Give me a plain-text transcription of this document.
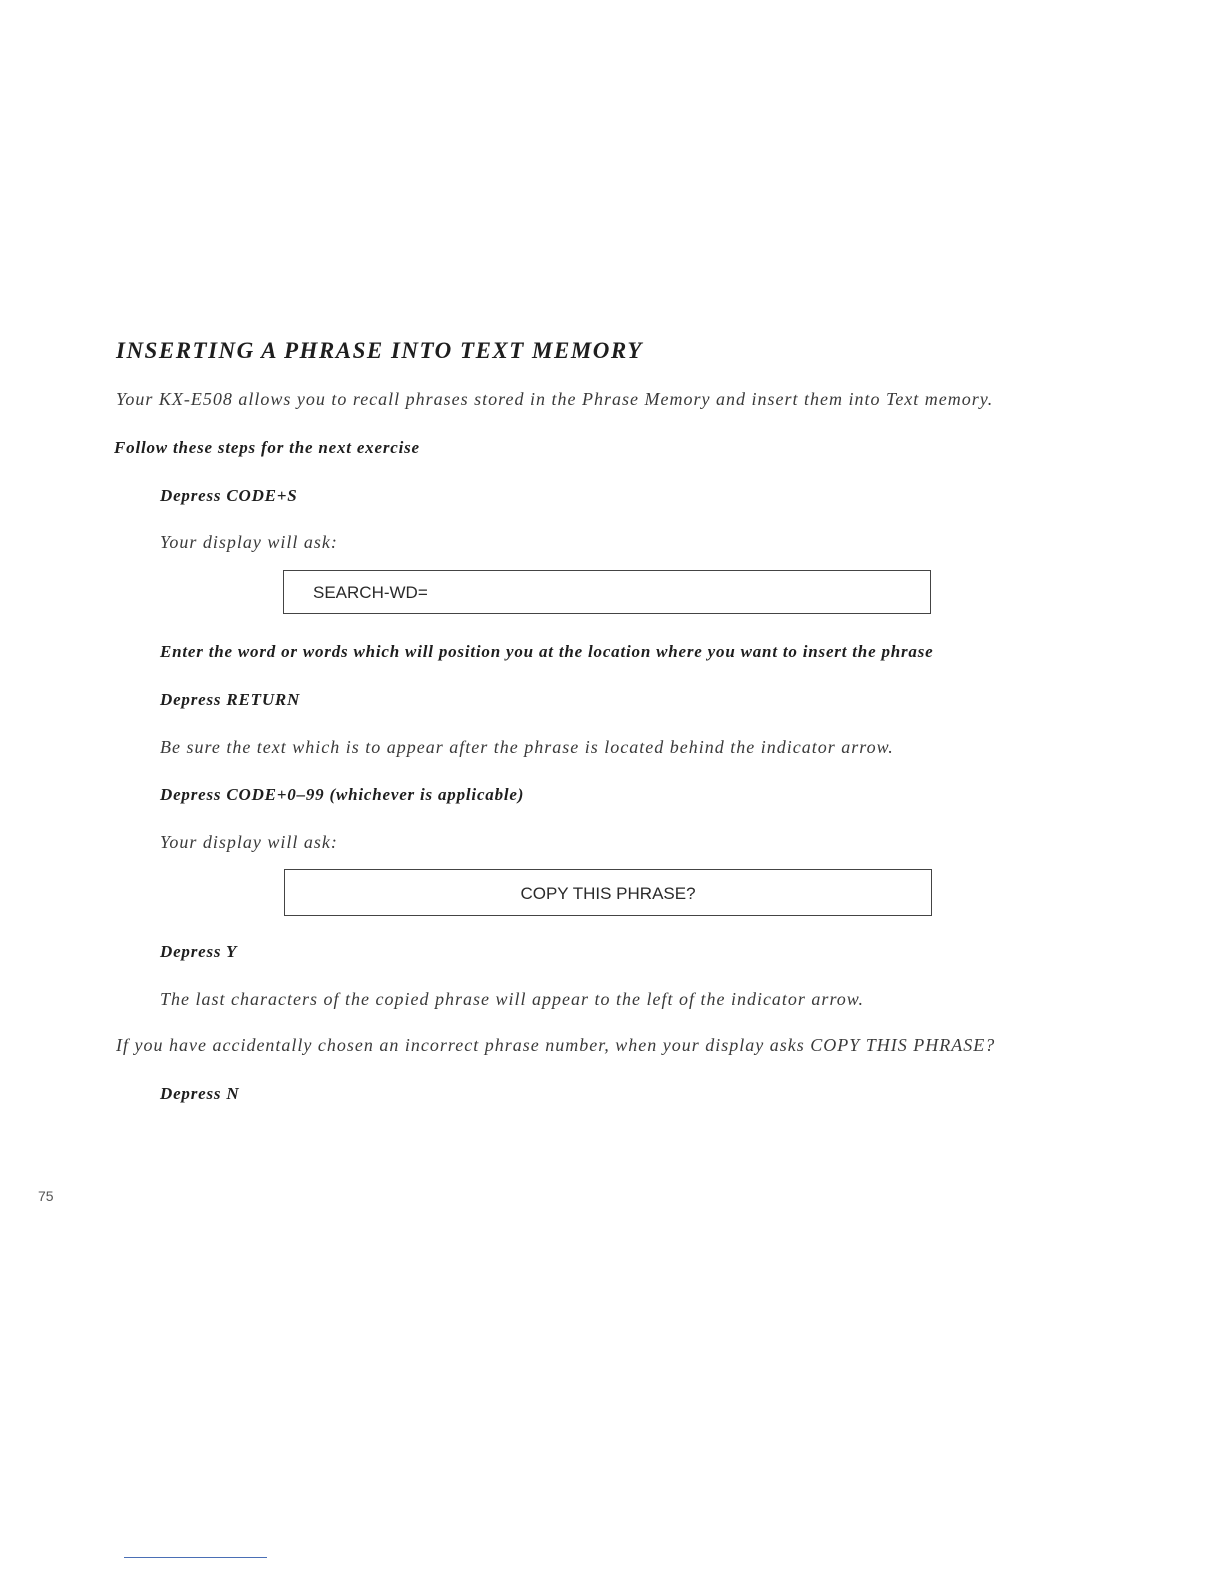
INSERTING A PHRASE INTO TEXT MEMORY
Your KX-E508 allows you to recall phrases stored in the Phrase Memory and insert them into Text memory.
Follow these steps for the next exercise
Depress CODE+S
Your display will ask:
SEARCH-WD=
Enter the word or words which will position you at the location where you want to insert the phrase
Depress RETURN
Be sure the text which is to appear after the phrase is located behind the indicator arrow.
Depress CODE+0–99 (whichever is applicable)
Your display will ask:
COPY THIS PHRASE?
Depress Y
The last characters of the copied phrase will appear to the left of the indicator arrow.
If you have accidentally chosen an incorrect phrase number, when your display asks COPY THIS PHRASE?
Depress N
75
